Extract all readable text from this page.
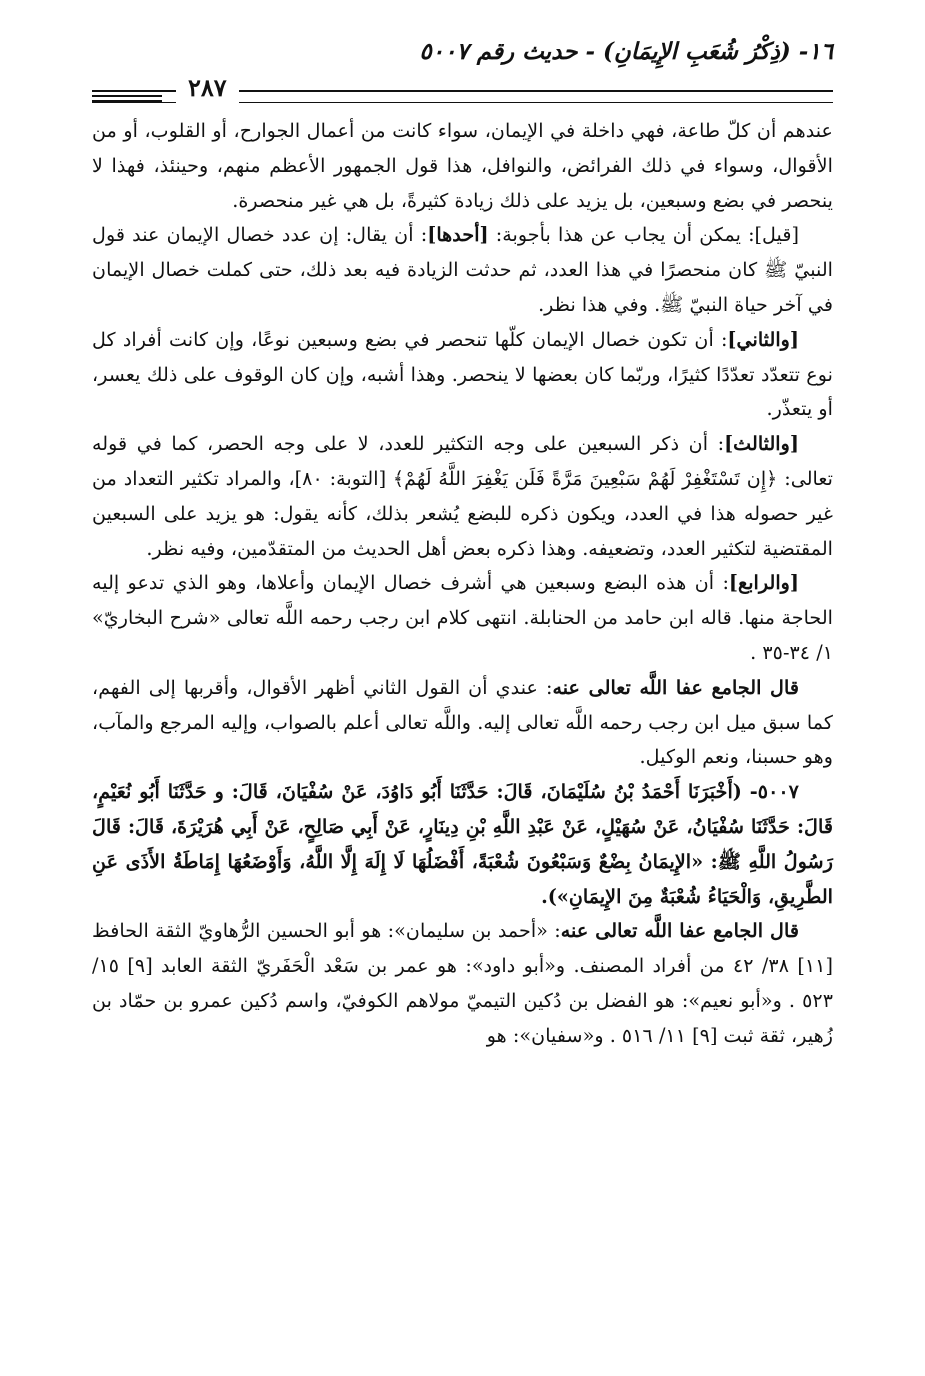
١٦- (ذِكْرُ شُعَبِ الإِيمَانِ) - حديث رقم ٥٠٠٧
٢٨٧

عندهم أن كلّ طاعة، فهي داخلة في الإيمان، سواء كانت من أعمال الجوارح، أو القلوب، أو من الأقوال، وسواء في ذلك الفرائض، والنوافل، هذا قول الجمهور الأعظم منهم، وحينئذ، فهذا لا ينحصر في بضع وسبعين، بل يزيد على ذلك زيادة كثيرةً، بل هي غير منحصرة.

[قيل]: يمكن أن يجاب عن هذا بأجوبة: [أحدها]: أن يقال: إن عدد خصال الإيمان عند قول النبيّ ﷺ كان منحصرًا في هذا العدد، ثم حدثت الزيادة فيه بعد ذلك، حتى كملت خصال الإيمان في آخر حياة النبيّ ﷺ. وفي هذا نظر.

[والثاني]: أن تكون خصال الإيمان كلّها تنحصر في بضع وسبعين نوعًا، وإن كانت أفراد كل نوع تتعدّد تعدّدًا كثيرًا، وربّما كان بعضها لا ينحصر. وهذا أشبه، وإن كان الوقوف على ذلك يعسر، أو يتعذّر.

[والثالث]: أن ذكر السبعين على وجه التكثير للعدد، لا على وجه الحصر، كما في قوله تعالى: ﴿إِن تَسْتَغْفِرْ لَهُمْ سَبْعِينَ مَرَّةً فَلَن يَغْفِرَ اللَّهُ لَهُمْ﴾ [التوبة: ٨٠]، والمراد تكثير التعداد من غير حصوله هذا في العدد، ويكون ذكره للبضع يُشعر بذلك، كأنه يقول: هو يزيد على السبعين المقتضية لتكثير العدد، وتضعيفه. وهذا ذكره بعض أهل الحديث من المتقدّمين، وفيه نظر.

[والرابع]: أن هذه البضع وسبعين هي أشرف خصال الإيمان وأعلاها، وهو الذي تدعو إليه الحاجة منها. قاله ابن حامد من الحنابلة. انتهى كلام ابن رجب رحمه اللَّه تعالى «شرح البخاريّ» ١/ ٣٤-٣٥ .

قال الجامع عفا اللَّه تعالى عنه: عندي أن القول الثاني أظهر الأقوال، وأقربها إلى الفهم، كما سبق ميل ابن رجب رحمه اللَّه تعالى إليه. واللَّه تعالى أعلم بالصواب، وإليه المرجع والمآب، وهو حسبنا، ونعم الوكيل.

٥٠٠٧- (أَخْبَرَنَا أَحْمَدُ بْنُ سُلَيْمَانَ، قَالَ: حَدَّثَنَا أَبُو دَاوُدَ، عَنْ سُفْيَانَ، قَالَ: و حَدَّثَنَا أَبُو نُعَيْمٍ، قَالَ: حَدَّثَنَا سُفْيَانُ، عَنْ سُهَيْلٍ، عَنْ عَبْدِ اللَّهِ بْنِ دِينَارٍ، عَنْ أَبِي صَالِحٍ، عَنْ أَبِي هُرَيْرَةَ، قَالَ: قَالَ رَسُولُ اللَّهِ ﷺ: «الإِيمَانُ بِضْعٌ وَسَبْعُونَ شُعْبَةً، أَفْضَلُهَا لَا إِلَهَ إِلَّا اللَّهُ، وَأَوْضَعُهَا إِمَاطَةُ الأَذَى عَنِ الطَّرِيقِ، وَالْحَيَاءُ شُعْبَةٌ مِنَ الإِيمَانِ»).

قال الجامع عفا اللَّه تعالى عنه: «أحمد بن سليمان»: هو أبو الحسين الرُّهاويّ الثقة الحافظ [١١] ٣٨/ ٤٢ من أفراد المصنف. و«أبو داود»: هو عمر بن سَعْد الْحَفَريّ الثقة العابد [٩] ١٥/ ٥٢٣ . و«أبو نعيم»: هو الفضل بن دُكين التيميّ مولاهم الكوفيّ، واسم دُكين عمرو بن حمّاد بن زُهير، ثقة ثبت [٩] ١١/ ٥١٦ . و«سفيان»: هو
